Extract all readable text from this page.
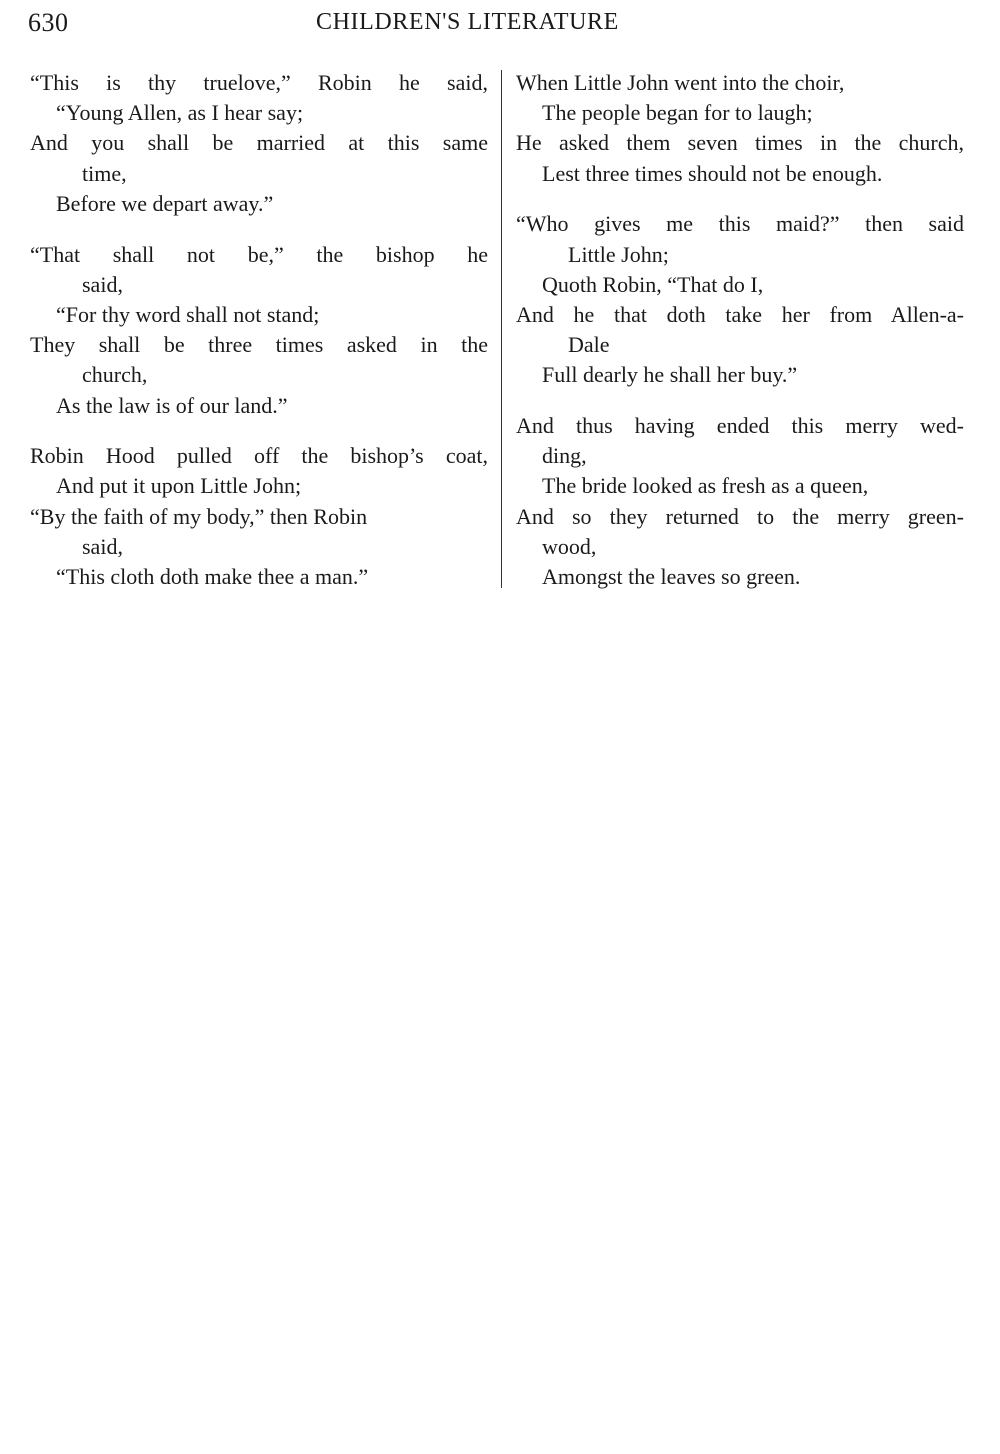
630	CHILDREN'S LITERATURE
“This is thy truelove,” Robin he said,
“Young Allen, as I hear say;
And you shall be married at this same
time,
Before we depart away.”
“That shall not be,” the bishop he
said,
“For thy word shall not stand;
They shall be three times asked in the
church,
As the law is of our land.”
Robin Hood pulled off the bishop’s coat,
And put it upon Little John;
“By the faith of my body,” then Robin
said,
“This cloth doth make thee a man.”
When Little John went into the choir,
The people began for to laugh;
He asked them seven times in the church,
Lest three times should not be enough.
“Who gives me this maid?” then said
Little John;
Quoth Robin, “That do I,
And he that doth take her from Allen-a-
Dale
Full dearly he shall her buy.”
And thus having ended this merry wed-
ding,
The bride looked as fresh as a queen,
And so they returned to the merry green-
wood,
Amongst the leaves so green.
